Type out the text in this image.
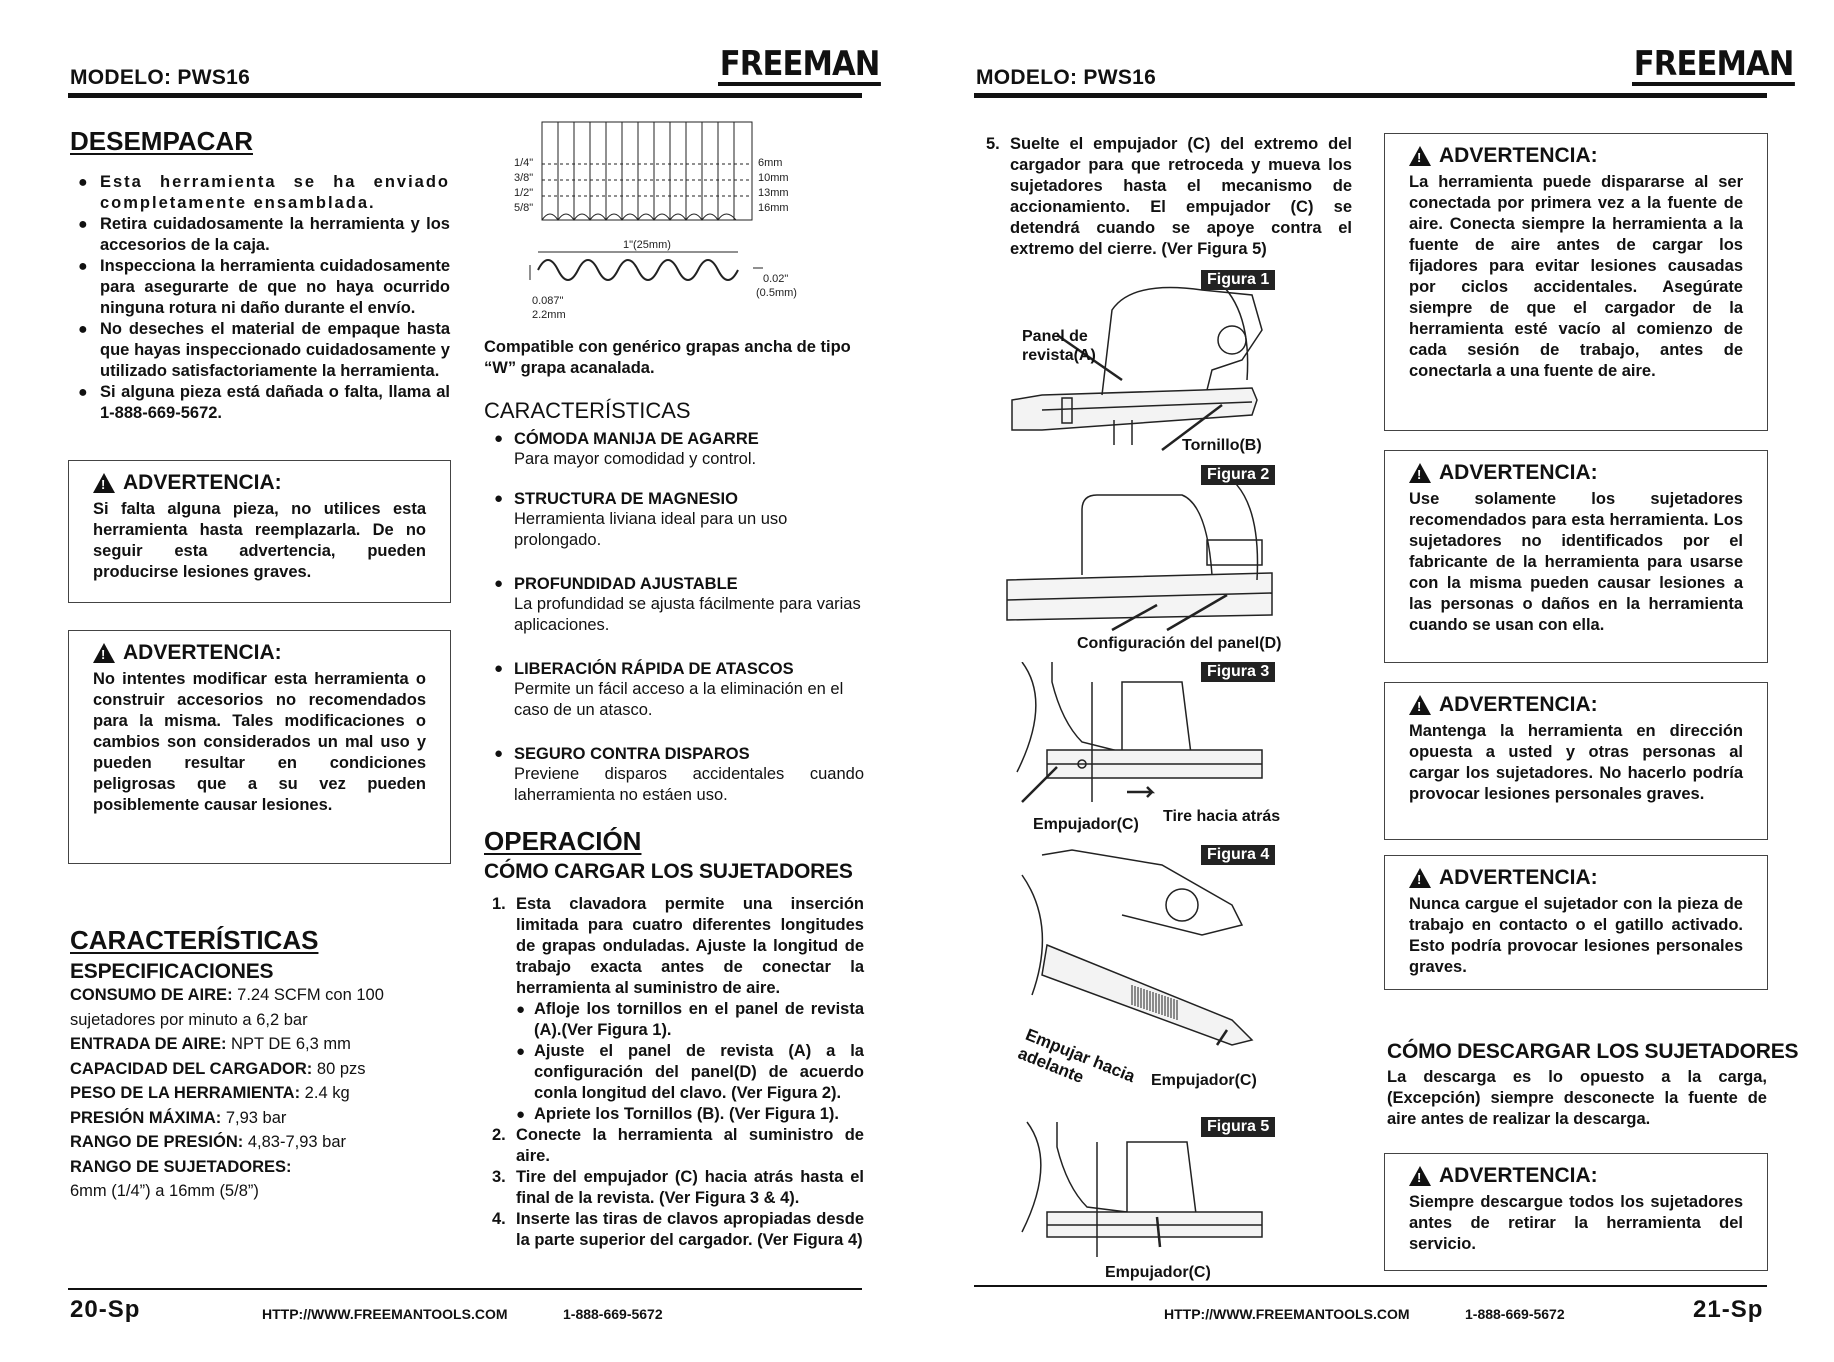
MODELO: PWS16	FREEMAN
DESEMPACAR
● Esta herramienta se ha enviado completamente ensamblada.
● Retira cuidadosamente la herramienta y los accesorios de la caja.
● Inspecciona la herramienta cuidadosamente para asegurarte de que no haya ocurrido ninguna rotura ni daño durante el envío.
● No deseches el material de empaque hasta que hayas inspeccionado cuidadosamente y utilizado satisfactoriamente la herramienta.
● Si alguna pieza está dañada o falta, llama al 1-888-669-5672.
! ADVERTENCIA:
Si falta alguna pieza, no utilices esta herramienta hasta reemplazarla. De no seguir esta advertencia, pueden producirse lesiones graves.
! ADVERTENCIA:
No intentes modificar esta herramienta o construir accesorios no recomendados para la misma. Tales modificaciones o cambios son considerados un mal uso y pueden resultar en condiciones peligrosas que a su vez pueden posiblemente causar lesiones.
CARACTERÍSTICAS
ESPECIFICACIONES
CONSUMO DE AIRE: 7.24 SCFM con 100 sujetadores por minuto a 6,2 bar
ENTRADA DE AIRE: NPT DE 6,3 mm
CAPACIDAD DEL CARGADOR: 80 pzs
PESO DE LA HERRAMIENTA: 2.4 kg
PRESIÓN MÁXIMA: 7,93 bar
RANGO DE PRESIÓN: 4,83-7,93 bar
RANGO DE SUJETADORES:
6mm (1/4”) a 16mm (5/8”)
1/4"
3/8"
1/2"
5/8"
6mm
10mm
13mm
16mm
1"(25mm)
0.02"
(0.5mm)
0.087"
2.2mm
Compatible con genérico grapas ancha de tipo “W” grapa acanalada.
CARACTERÍSTICAS
● CÓMODA MANIJA DE AGARRE
Para mayor comodidad y control.
● STRUCTURA DE MAGNESIO
Herramienta liviana ideal para un uso prolongado.
● PROFUNDIDAD AJUSTABLE
La profundidad se ajusta fácilmente para varias aplicaciones.
● LIBERACIÓN RÁPIDA DE ATASCOS
Permite un fácil acceso a la eliminación en el caso de un atasco.
● SEGURO CONTRA DISPAROS
Previene disparos accidentales cuando laherramienta no estáen uso.
OPERACIÓN
CÓMO CARGAR LOS SUJETADORES
1. Esta clavadora permite una inserción limitada para cuatro diferentes longitudes de grapas onduladas. Ajuste la longitud de trabajo exacta antes de conectar la herramienta al suministro de aire.
● Afloje los tornillos en el panel de revista (A).(Ver Figura 1).
● Ajuste el panel de revista (A) a la configuración del panel(D) de acuerdo conla longitud del clavo. (Ver Figura 2).
● Apriete los Tornillos (B). (Ver Figura 1).
2. Conecte la herramienta al suministro de aire.
3. Tire del empujador (C) hacia atrás hasta el final de la revista. (Ver Figura 3 & 4).
4. Inserte las tiras de clavos apropiadas desde la parte superior del cargador. (Ver Figura 4)
20-Sp	HTTP://WWW.FREEMANTOOLS.COM	1-888-669-5672
MODELO: PWS16	FREEMAN
5. Suelte el empujador (C) del extremo del cargador para que retroceda y mueva los sujetadores hasta el mecanismo de accionamiento. El empujador (C) se detendrá cuando se apoye contra el extremo del cierre. (Ver Figura 5)
Figura 1
Panel de revista(A)
Tornillo(B)
Figura 2
Configuración del panel(D)
Figura 3
Empujador(C) Tire hacia atrás
Figura 4
Empujar hacia adelante	Empujador(C)
Figura 5
Empujador(C)
! ADVERTENCIA:
La herramienta puede dispararse al ser conectada por primera vez a la fuente de aire. Conecta siempre la herramienta a la fuente de aire antes de cargar los fijadores para evitar lesiones causadas por ciclos accidentales. Asegúrate siempre de que el cargador de la herramienta esté vacío al comienzo de cada sesión de trabajo, antes de conectarla a una fuente de aire.
! ADVERTENCIA:
Use solamente los sujetadores recomendados para esta herramienta. Los sujetadores no identificados por el fabricante de la herramienta para usarse con la misma pueden causar lesiones a las personas o daños en la herramienta cuando se usan con ella.
! ADVERTENCIA:
Mantenga la herramienta en dirección opuesta a usted y otras personas al cargar los sujetadores. No hacerlo podría provocar lesiones personales graves.
! ADVERTENCIA:
Nunca cargue el sujetador con la pieza de trabajo en contacto o el gatillo activado. Esto podría provocar lesiones personales graves.
CÓMO DESCARGAR LOS SUJETADORES
La descarga es lo opuesto a la carga, (Excepción) siempre desconecte la fuente de aire antes de realizar la descarga.
! ADVERTENCIA:
Siempre descargue todos los sujetadores antes de retirar la herramienta del servicio.
HTTP://WWW.FREEMANTOOLS.COM	1-888-669-5672	21-Sp
